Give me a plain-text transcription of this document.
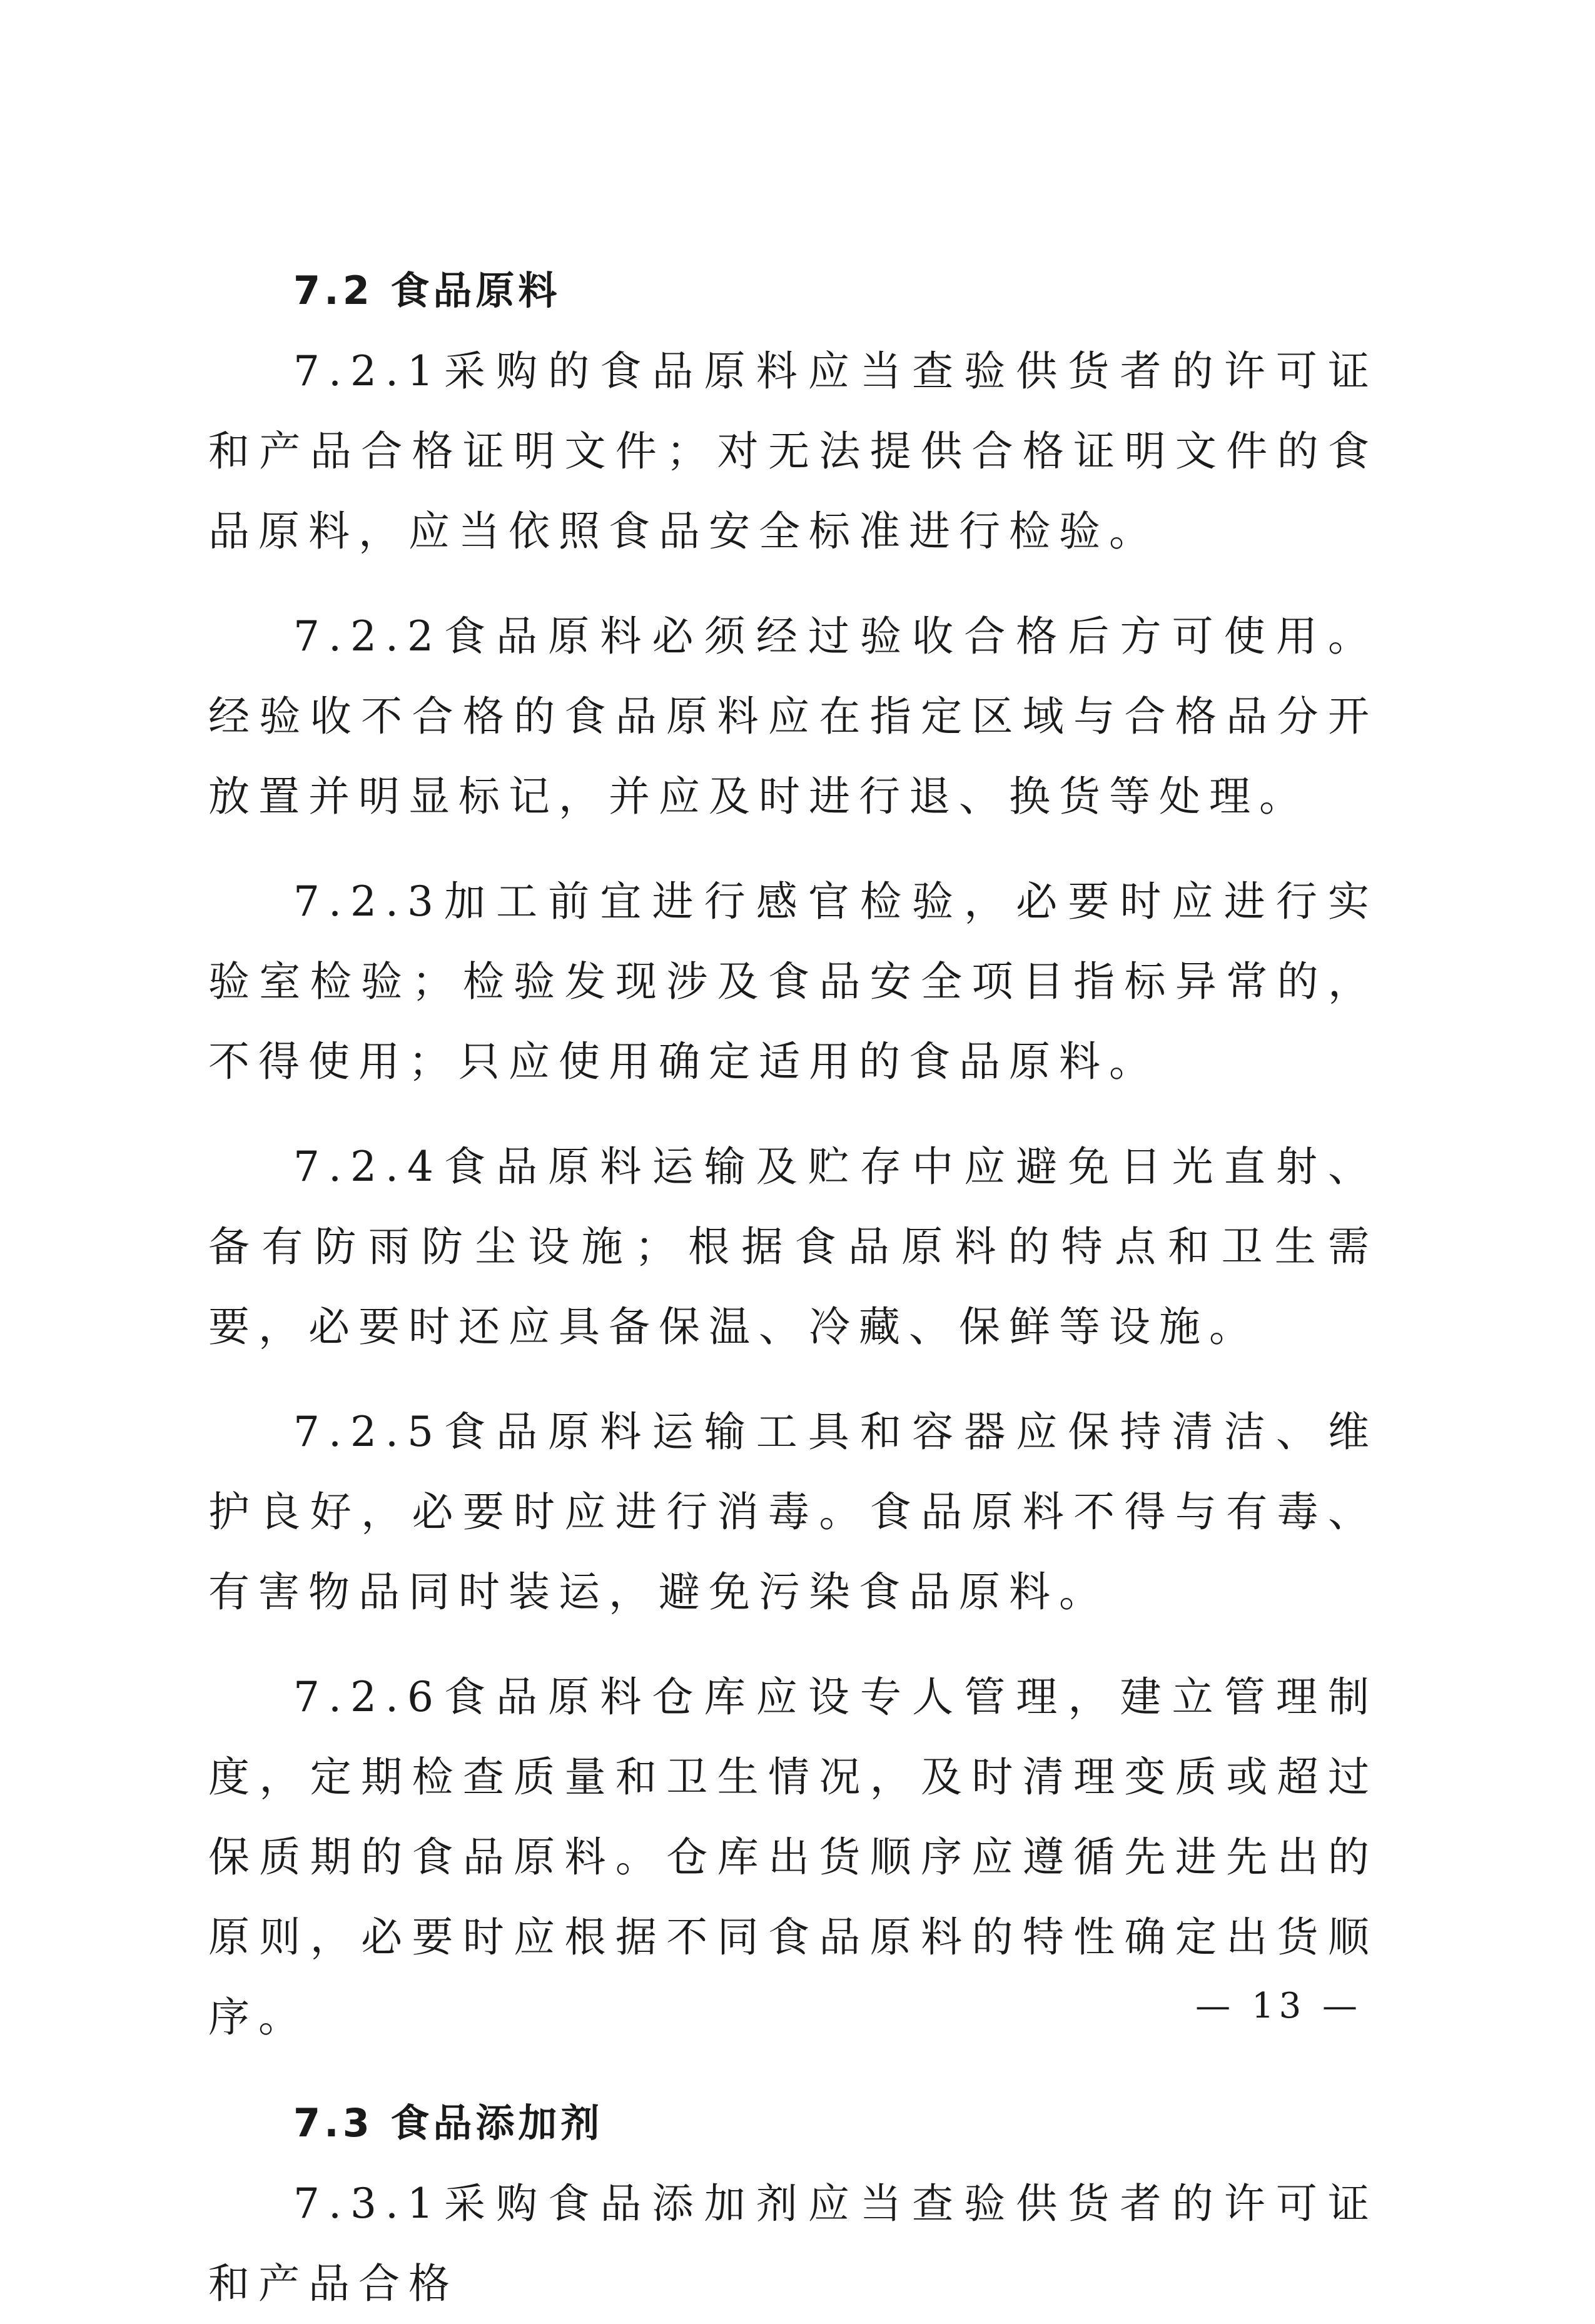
7.2 食品原料

7.2.1采购的食品原料应当查验供货者的许可证和产品合格证明文件；对无法提供合格证明文件的食品原料，应当依照食品安全标准进行检验。

7.2.2食品原料必须经过验收合格后方可使用。经验收不合格的食品原料应在指定区域与合格品分开放置并明显标记，并应及时进行退、换货等处理。

7.2.3加工前宜进行感官检验，必要时应进行实验室检验；检验发现涉及食品安全项目指标异常的，不得使用；只应使用确定适用的食品原料。

7.2.4食品原料运输及贮存中应避免日光直射、备有防雨防尘设施；根据食品原料的特点和卫生需要，必要时还应具备保温、冷藏、保鲜等设施。

7.2.5食品原料运输工具和容器应保持清洁、维护良好，必要时应进行消毒。食品原料不得与有毒、有害物品同时装运，避免污染食品原料。

7.2.6食品原料仓库应设专人管理，建立管理制度，定期检查质量和卫生情况，及时清理变质或超过保质期的食品原料。仓库出货顺序应遵循先进先出的原则，必要时应根据不同食品原料的特性确定出货顺序。

7.3 食品添加剂

7.3.1采购食品添加剂应当查验供货者的许可证和产品合格

— 13 —
